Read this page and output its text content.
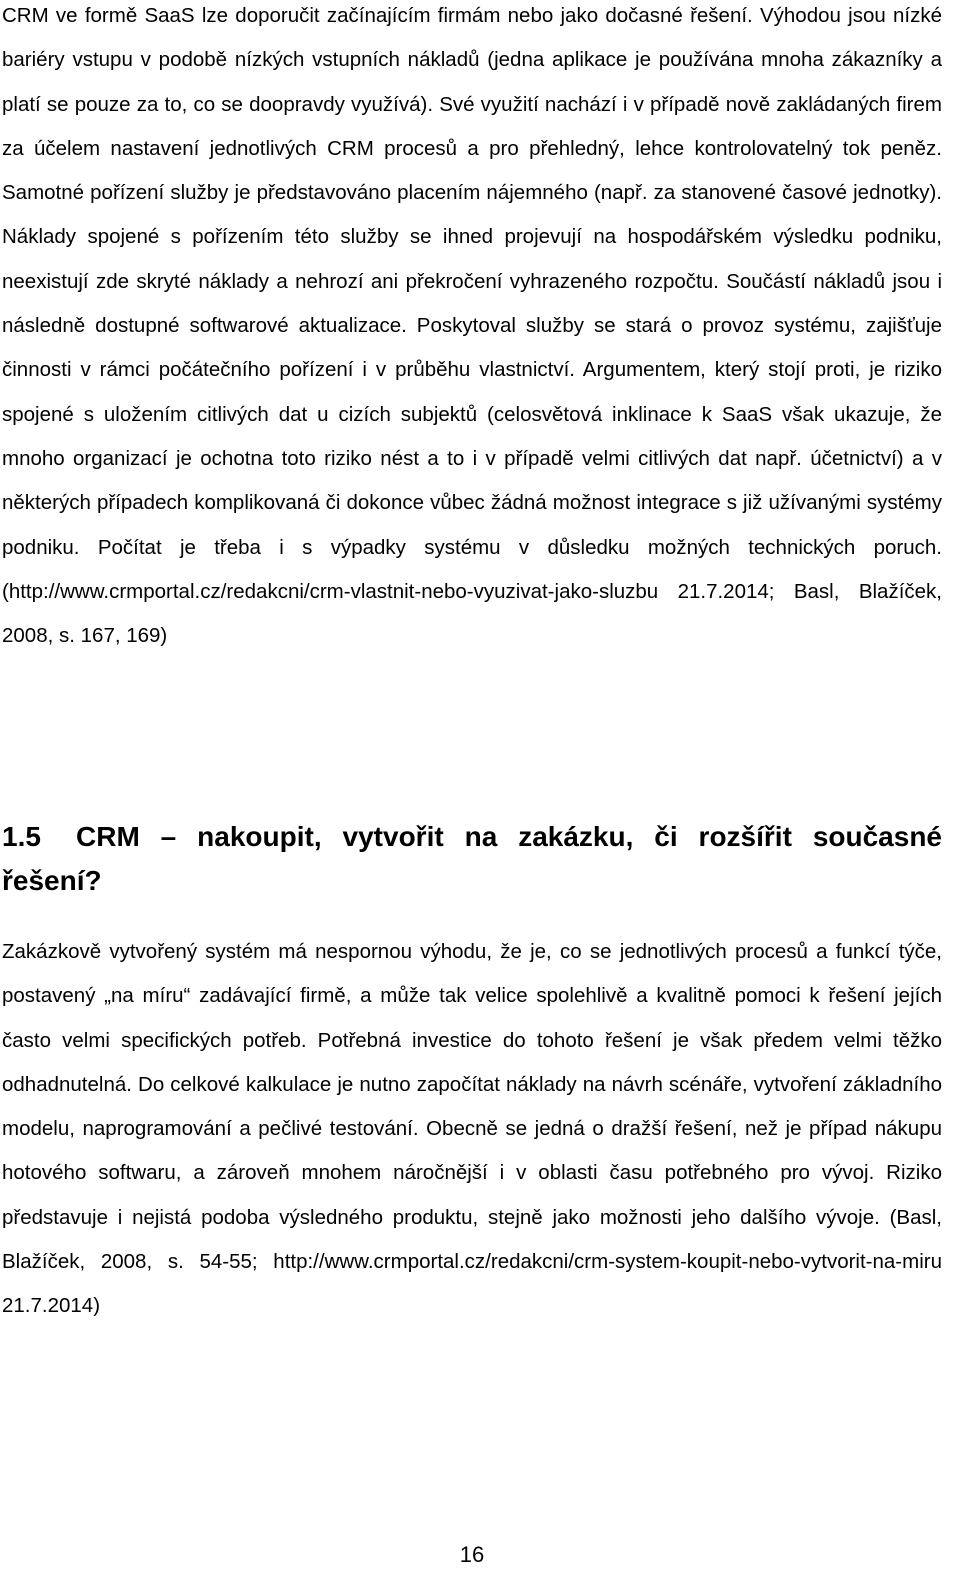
CRM ve formě SaaS lze doporučit začínajícím firmám nebo jako dočasné řešení. Výhodou jsou nízké bariéry vstupu v podobě nízkých vstupních nákladů (jedna aplikace je používána mnoha zákazníky a platí se pouze za to, co se doopravdy využívá). Své využití nachází i v případě nově zakládaných firem za účelem nastavení jednotlivých CRM procesů a pro přehledný, lehce kontrolovatelný tok peněz. Samotné pořízení služby je představováno placením nájemného (např. za stanovené časové jednotky). Náklady spojené s pořízením této služby se ihned projevují na hospodářském výsledku podniku, neexistují zde skryté náklady a nehrozí ani překročení vyhrazeného rozpočtu. Součástí nákladů jsou i následně dostupné softwarové aktualizace. Poskytoval služby se stará o provoz systému, zajišťuje činnosti v rámci počátečního pořízení i v průběhu vlastnictví. Argumentem, který stojí proti, je riziko spojené s uložením citlivých dat u cizích subjektů (celosvětová inklinace k SaaS však ukazuje, že mnoho organizací je ochotna toto riziko nést a to i v případě velmi citlivých dat např. účetnictví) a v některých případech komplikovaná či dokonce vůbec žádná možnost integrace s již užívanými systémy podniku. Počítat je třeba i s výpadky systému v důsledku možných technických poruch. (http://www.crmportal.cz/redakcni/crm-vlastnit-nebo-vyuzivat-jako-sluzbu 21.7.2014; Basl, Blažíček, 2008, s. 167, 169)

1.5 CRM – nakoupit, vytvořit na zakázku, či rozšířit současné řešení?

Zakázkově vytvořený systém má nespornou výhodu, že je, co se jednotlivých procesů a funkcí týče, postavený „na míru“ zadávající firmě, a může tak velice spolehlivě a kvalitně pomoci k řešení jejích často velmi specifických potřeb. Potřebná investice do tohoto řešení je však předem velmi těžko odhadnutelná. Do celkové kalkulace je nutno započítat náklady na návrh scénáře, vytvoření základního modelu, naprogramování a pečlivé testování. Obecně se jedná o dražší řešení, než je případ nákupu hotového softwaru, a zároveň mnohem náročnější i v oblasti času potřebného pro vývoj. Riziko představuje i nejistá podoba výsledného produktu, stejně jako možnosti jeho dalšího vývoje. (Basl, Blažíček, 2008, s. 54-55; http://www.crmportal.cz/redakcni/crm-system-koupit-nebo-vytvorit-na-miru 21.7.2014)

16
